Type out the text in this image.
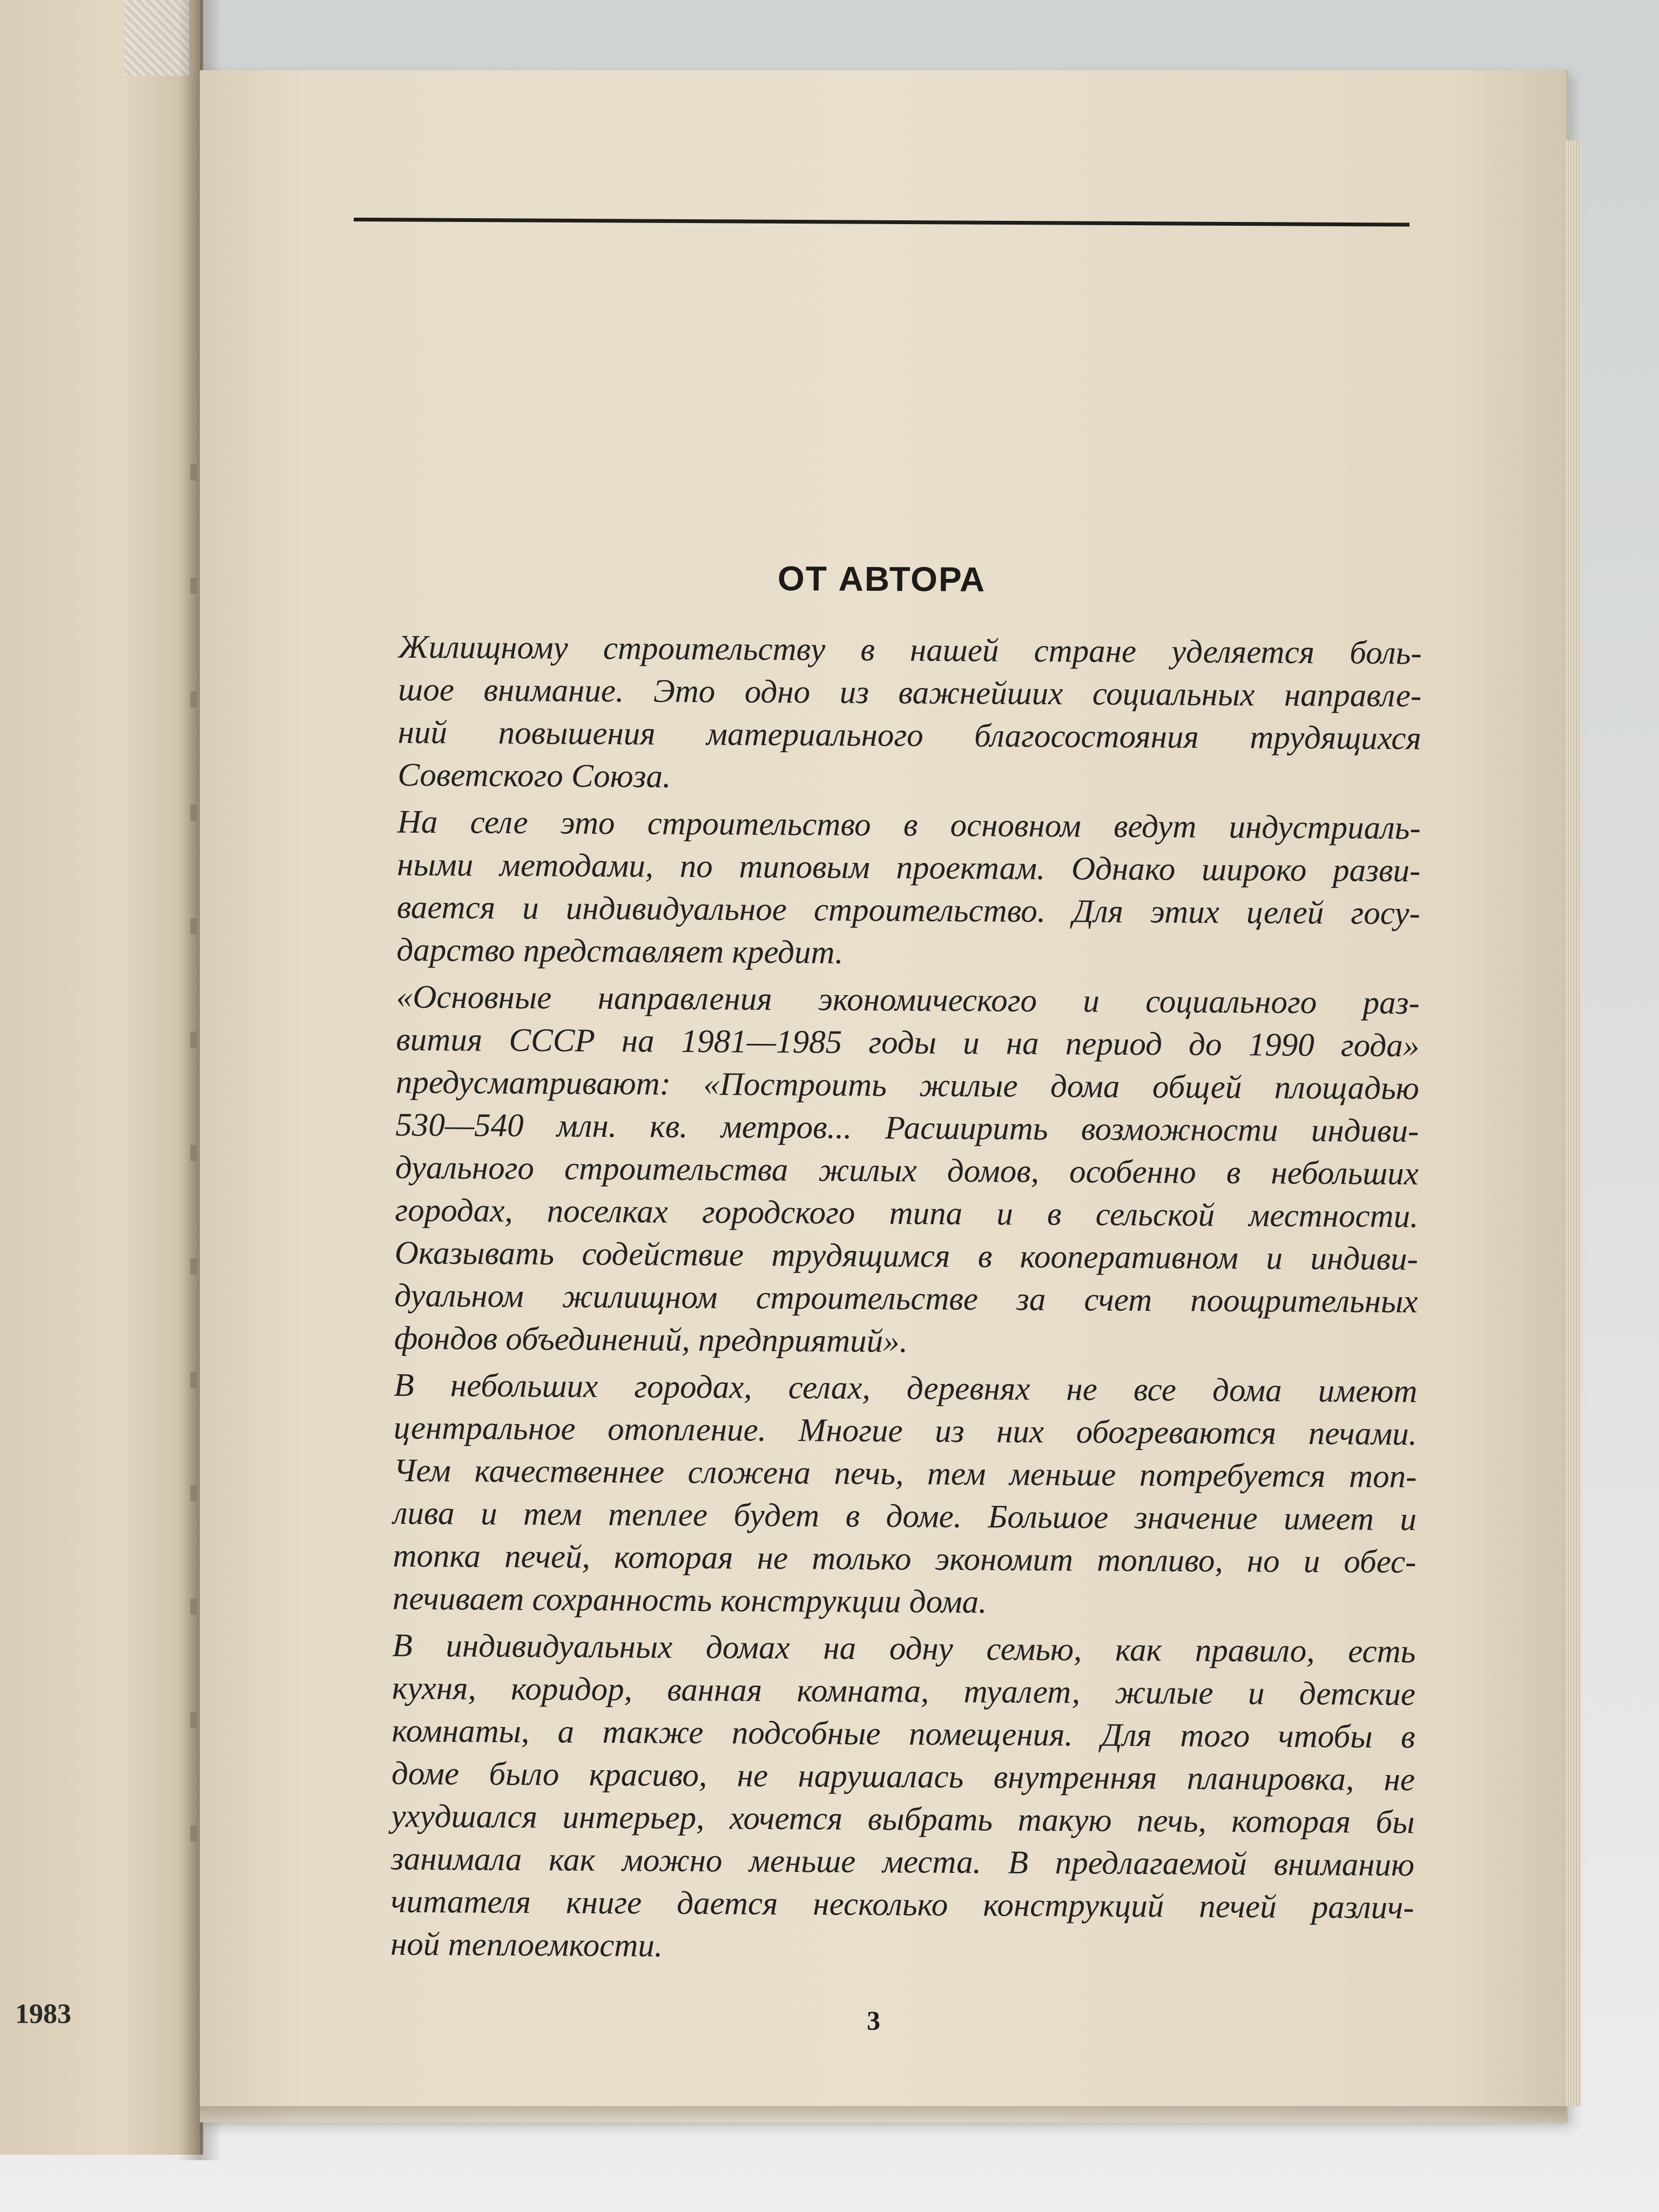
1983
ОТ АВТОРА

Жилищному строительству в нашей стране уделяется боль-
шое внимание. Это одно из важнейших социальных направле-
ний повышения материального благосостояния трудящихся
Советского Союза.

На селе это строительство в основном ведут индустриаль-
ными методами, по типовым проектам. Однако широко разви-
вается и индивидуальное строительство. Для этих целей госу-
дарство представляет кредит.

«Основные направления экономического и социального раз-
вития СССР на 1981—1985 годы и на период до 1990 года»
предусматривают: «Построить жилые дома общей площадью
530—540 млн. кв. метров... Расширить возможности индиви-
дуального строительства жилых домов, особенно в небольших
городах, поселках городского типа и в сельской местности.
Оказывать содействие трудящимся в кооперативном и индиви-
дуальном жилищном строительстве за счет поощрительных
фондов объединений, предприятий».

В небольших городах, селах, деревнях не все дома имеют
центральное отопление. Многие из них обогреваются печами.
Чем качественнее сложена печь, тем меньше потребуется топ-
лива и тем теплее будет в доме. Большое значение имеет и
топка печей, которая не только экономит топливо, но и обес-
печивает сохранность конструкции дома.

В индивидуальных домах на одну семью, как правило, есть
кухня, коридор, ванная комната, туалет, жилые и детские
комнаты, а также подсобные помещения. Для того чтобы в
доме было красиво, не нарушалась внутренняя планировка, не
ухудшался интерьер, хочется выбрать такую печь, которая бы
занимала как можно меньше места. В предлагаемой вниманию
читателя книге дается несколько конструкций печей различ-
ной теплоемкости.

3
